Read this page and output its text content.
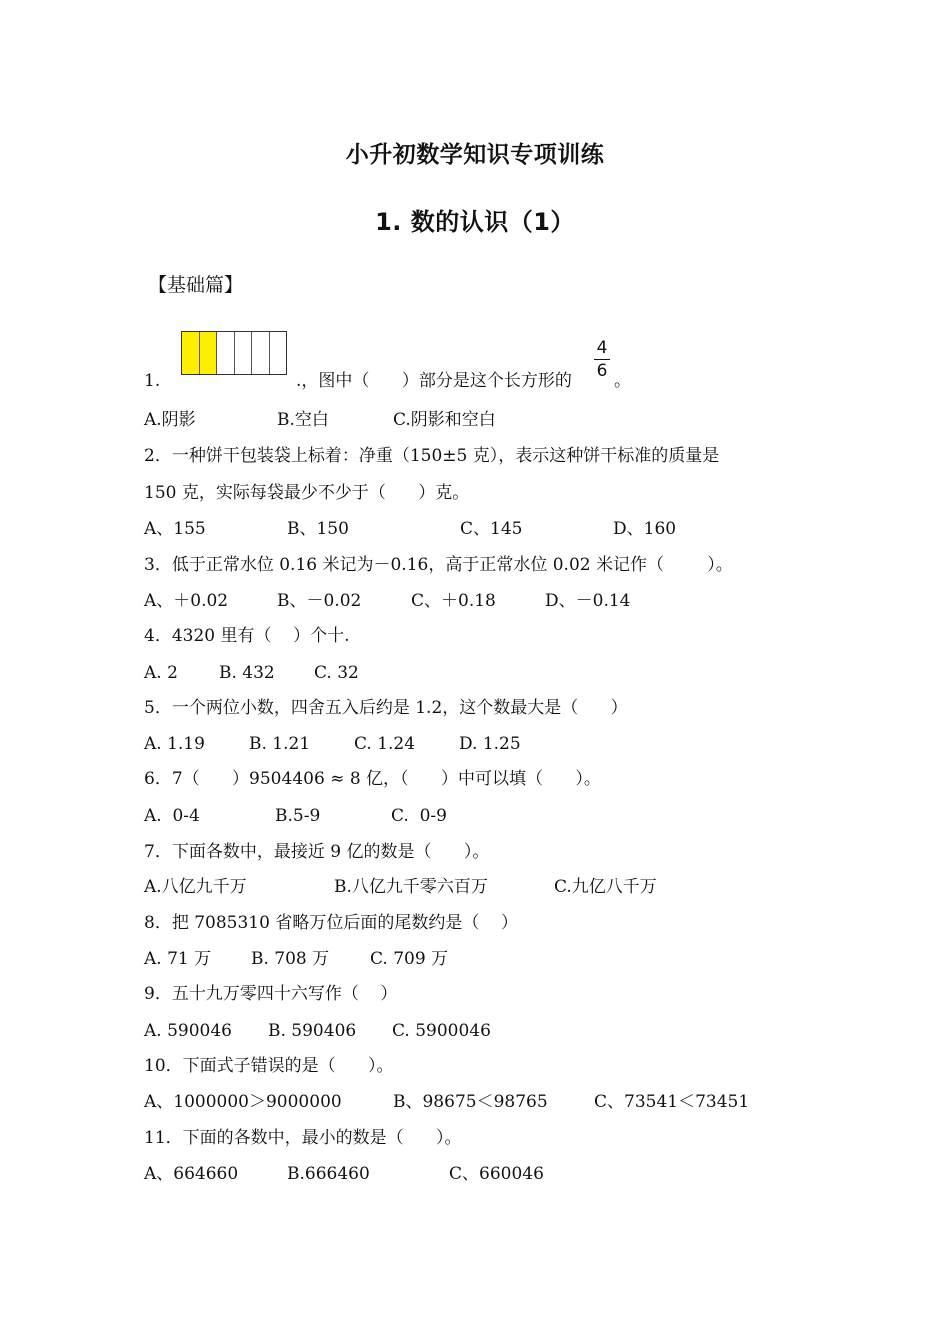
小升初数学知识专项训练
1. 数的认识（1）
【基础篇】
1.	.，图中（      ）部分是这个长方形的
4
6 。
A.阴影	B.空白	C.阴影和空白
2．一种饼干包装袋上标着：净重（150±5 克），表示这种饼干标准的质量是
150 克，实际每袋最少不少于（      ）克。
A、155	B、150	C、145	D、160
3．低于正常水位 0.16 米记为－0.16，高于正常水位 0.02 米记作（        ）。
A、＋0.02	B、－0.02	C、＋0.18	D、－0.14
4．4320 里有（    ）个十.
A. 2 B. 432 C. 32
5．一个两位小数，四舍五入后约是 1.2，这个数最大是（      ）
A. 1.19	B. 1.21	C. 1.24	D. 1.25
6．7（      ）9504406 ≈ 8 亿，（      ）中可以填（      ）。
A.  0-4	B.5-9	C.  0-9
7．下面各数中，最接近 9 亿的数是（      ）。
A.八亿九千万	B.八亿九千零六百万	C.九亿八千万
8．把 7085310 省略万位后面的尾数约是（    ）
A. 71 万 B. 708 万 C. 709 万
9．五十九万零四十六写作（    ）
A. 590046 B. 590406 C. 5900046
10．下面式子错误的是（      ）。
A、1000000＞9000000	B、98675＜98765	C、73541＜73451
11．下面的各数中，最小的数是（      ）。
A、664660	B.666460	C、660046
